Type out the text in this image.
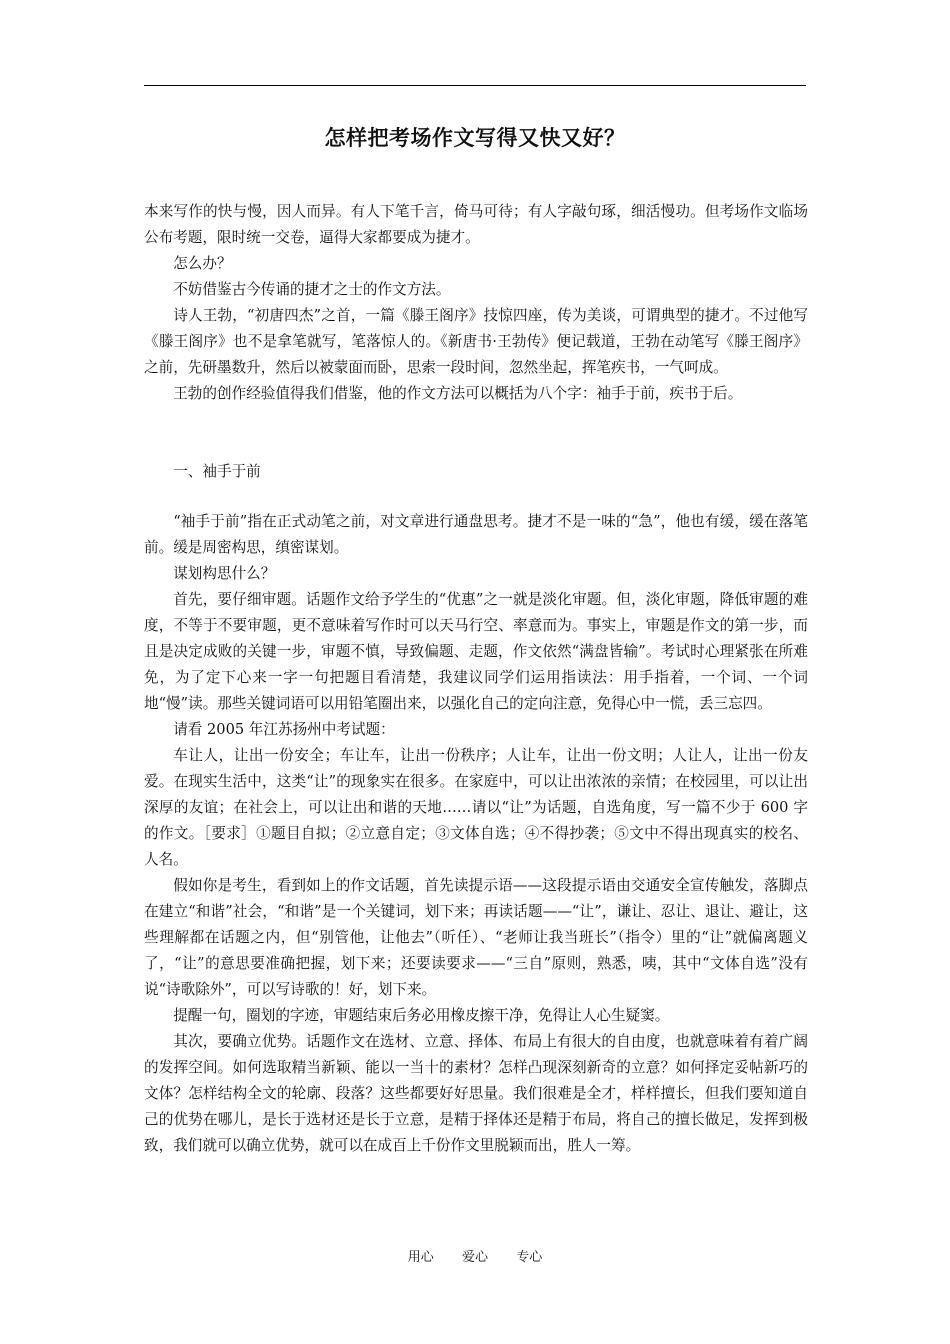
怎样把考场作文写得又快又好？

本来写作的快与慢，因人而异。有人下笔千言，倚马可待；有人字敲句琢，细活慢功。但考场作文临场公布考题，限时统一交卷，逼得大家都要成为捷才。

怎么办？

不妨借鉴古今传诵的捷才之士的作文方法。

诗人王勃，“初唐四杰”之首，一篇《滕王阁序》技惊四座，传为美谈，可谓典型的捷才。不过他写《滕王阁序》也不是拿笔就写，笔落惊人的。《新唐书·王勃传》便记载道，王勃在动笔写《滕王阁序》之前，先研墨数升，然后以被蒙面而卧，思索一段时间，忽然坐起，挥笔疾书，一气呵成。

王勃的创作经验值得我们借鉴，他的作文方法可以概括为八个字：袖手于前，疾书于后。

一、袖手于前

“袖手于前”指在正式动笔之前，对文章进行通盘思考。捷才不是一味的“急”，他也有缓，缓在落笔前。缓是周密构思，缜密谋划。

谋划构思什么？

首先，要仔细审题。话题作文给予学生的“优惠”之一就是淡化审题。但，淡化审题，降低审题的难度，不等于不要审题，更不意味着写作时可以天马行空、率意而为。事实上，审题是作文的第一步，而且是决定成败的关键一步，审题不慎，导致偏题、走题，作文依然“满盘皆输”。考试时心理紧张在所难免，为了定下心来一字一句把题目看清楚，我建议同学们运用指读法：用手指着，一个词、一个词地“慢”读。那些关键词语可以用铅笔圈出来，以强化自己的定向注意，免得心中一慌，丢三忘四。

请看 2005 年江苏扬州中考试题：

车让人，让出一份安全；车让车，让出一份秩序；人让车，让出一份文明；人让人，让出一份友爱。在现实生活中，这类“让”的现象实在很多。在家庭中，可以让出浓浓的亲情；在校园里，可以让出深厚的友谊；在社会上，可以让出和谐的天地……请以“让”为话题，自选角度，写一篇不少于 600 字的作文。［要求］①题目自拟；②立意自定；③文体自选；④不得抄袭；⑤文中不得出现真实的校名、人名。

假如你是考生，看到如上的作文话题，首先读提示语——这段提示语由交通安全宣传触发，落脚点在建立“和谐”社会，“和谐”是一个关键词，划下来；再读话题——“让”，谦让、忍让、退让、避让，这些理解都在话题之内，但“别管他，让他去”（听任）、“老师让我当班长”（指令）里的“让”就偏离题义了，“让”的意思要准确把握，划下来；还要读要求——“三自”原则，熟悉，咦，其中“文体自选”没有说“诗歌除外”，可以写诗歌的！好，划下来。

提醒一句，圈划的字迹，审题结束后务必用橡皮擦干净，免得让人心生疑窦。

其次，要确立优势。话题作文在选材、立意、择体、布局上有很大的自由度，也就意味着有着广阔的发挥空间。如何选取精当新颖、能以一当十的素材？怎样凸现深刻新奇的立意？如何择定妥帖新巧的文体？怎样结构全文的轮廓、段落？这些都要好好思量。我们很难是全才，样样擅长，但我们要知道自己的优势在哪儿，是长于选材还是长于立意，是精于择体还是精于布局，将自己的擅长做足，发挥到极致，我们就可以确立优势，就可以在成百上千份作文里脱颖而出，胜人一筹。

用心  爱心  专心
